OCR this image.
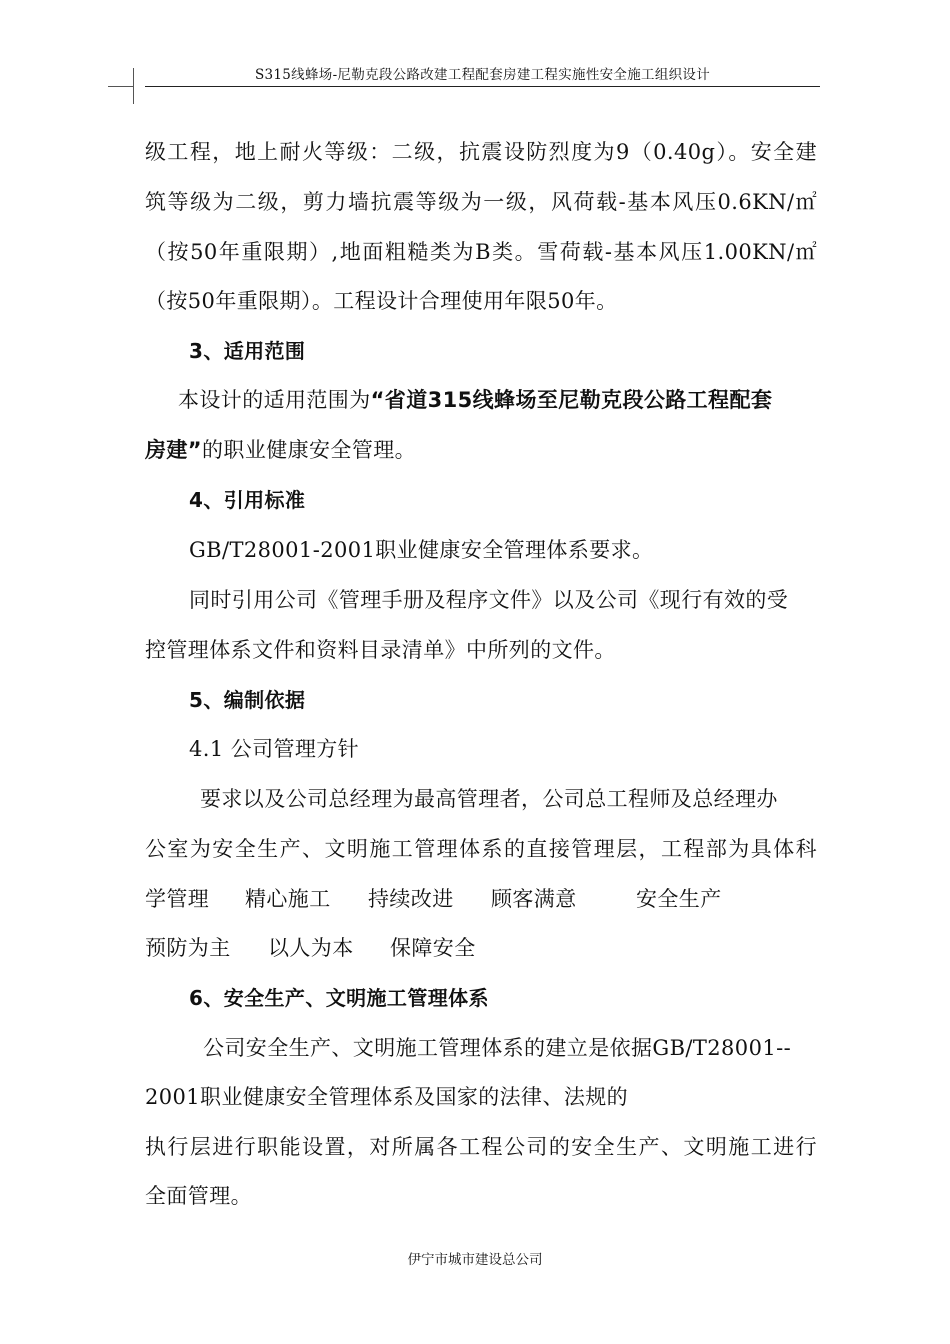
S315线蜂场-尼勒克段公路改建工程配套房建工程实施性安全施工组织设计
级工程，地上耐火等级：二级，抗震设防烈度为9（0.40g）。安全建
筑等级为二级，剪力墙抗震等级为一级，风荷载-基本风压0.6KN/㎡
（按50年重限期）,地面粗糙类为B类。雪荷载-基本风压1.00KN/㎡
（按50年重限期）。工程设计合理使用年限50年。
3、适用范围
本设计的适用范围为“省道315线蜂场至尼勒克段公路工程配套
房建”的职业健康安全管理。
4、引用标准
GB/T28001-2001职业健康安全管理体系要求。
同时引用公司《管理手册及程序文件》以及公司《现行有效的受
控管理体系文件和资料目录清单》中所列的文件。
5、编制依据
4.1 公司管理方针
要求以及公司总经理为最高管理者，公司总工程师及总经理办
公室为安全生产、文明施工管理体系的直接管理层，工程部为具体科
学管理	精心施工	持续改进	顾客满意	安全生产
预防为主	以人为本	保障安全
6、安全生产、文明施工管理体系
公司安全生产、文明施工管理体系的建立是依据GB/T28001--
2001职业健康安全管理体系及国家的法律、法规的
执行层进行职能设置，对所属各工程公司的安全生产、文明施工进行
全面管理。
伊宁市城市建设总公司
